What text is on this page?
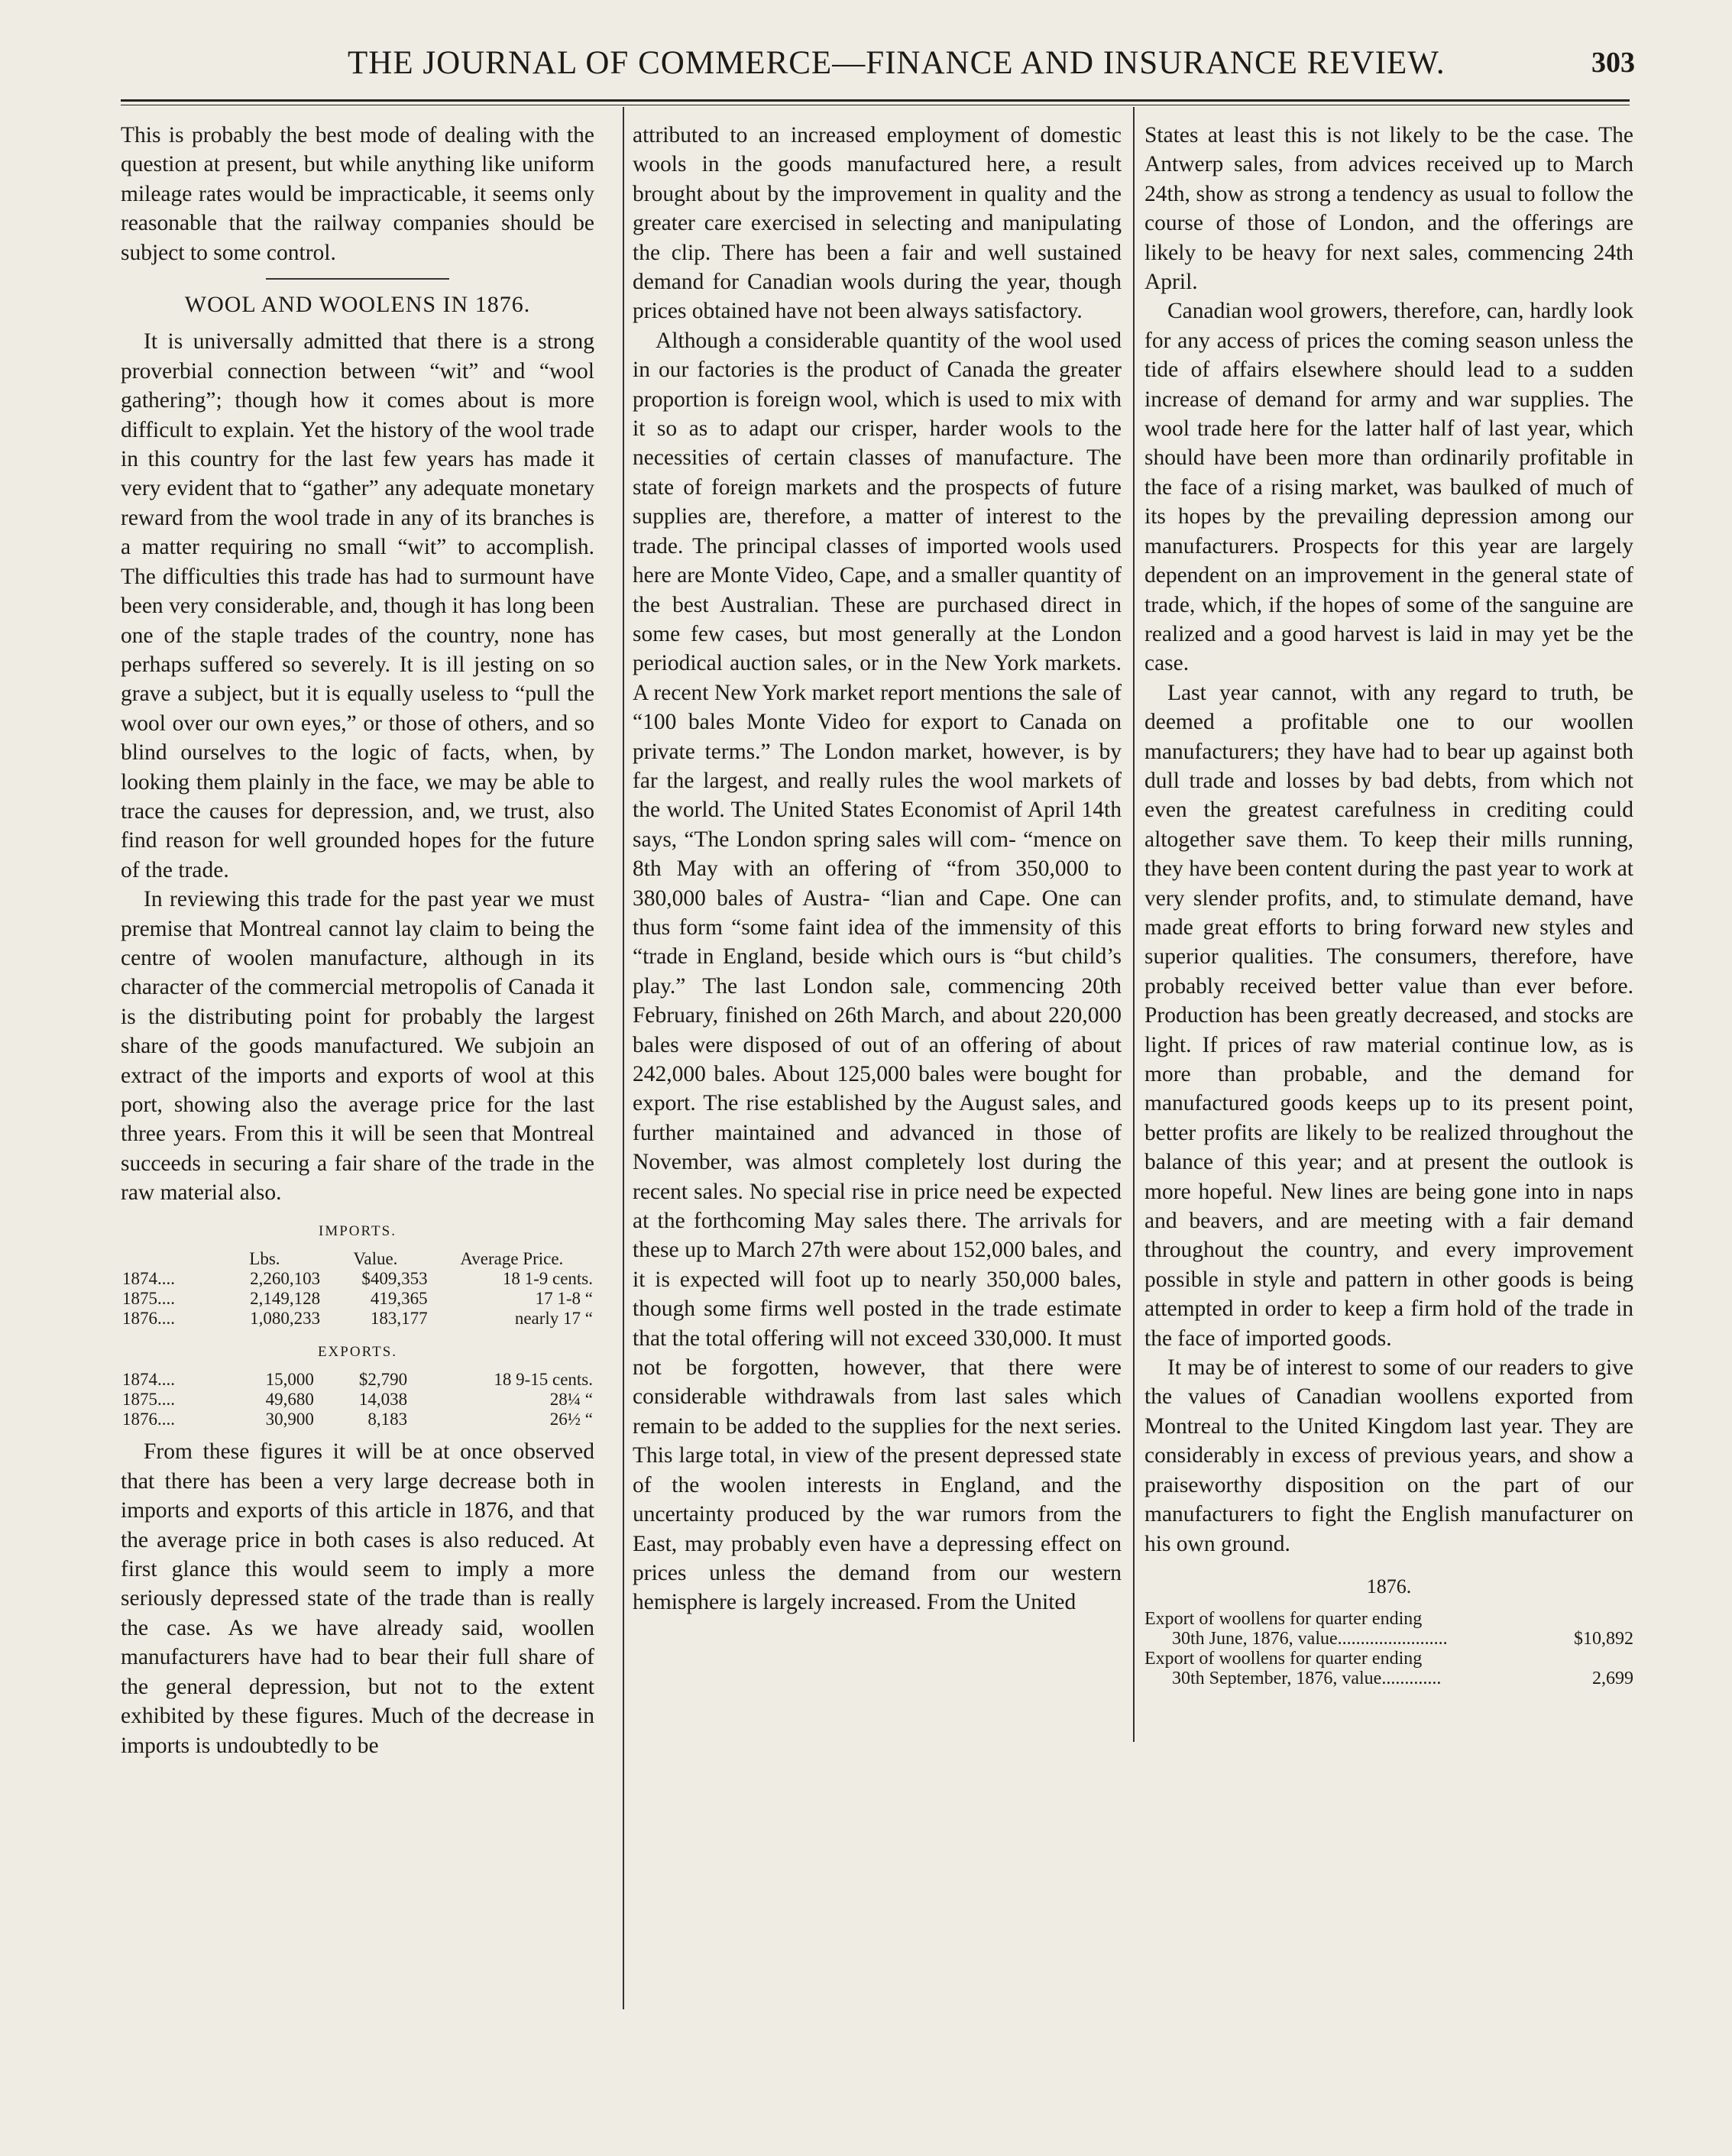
THE JOURNAL OF COMMERCE—FINANCE AND INSURANCE REVIEW.	303

This is probably the best mode of dealing with the question at present, but while anything like uniform mileage rates would be impracticable, it seems only reasonable that the railway companies should be subject to some control.

WOOL AND WOOLENS IN 1876.

It is universally admitted that there is a strong proverbial connection between “wit” and “wool gathering”; though how it comes about is more difficult to explain. Yet the history of the wool trade in this country for the last few years has made it very evident that to “gather” any adequate monetary reward from the wool trade in any of its branches is a matter requiring no small “wit” to accomplish. The difficulties this trade has had to surmount have been very considerable, and, though it has long been one of the staple trades of the country, none has perhaps suffered so severely. It is ill jesting on so grave a subject, but it is equally useless to “pull the wool over our own eyes,” or those of others, and so blind ourselves to the logic of facts, when, by looking them plainly in the face, we may be able to trace the causes for depression, and, we trust, also find reason for well grounded hopes for the future of the trade.

In reviewing this trade for the past year we must premise that Montreal cannot lay claim to being the centre of woolen manufacture, although in its character of the commercial metropolis of Canada it is the distributing point for probably the largest share of the goods manufactured. We subjoin an extract of the imports and exports of wool at this port, showing also the average price for the last three years. From this it will be seen that Montreal succeeds in securing a fair share of the trade in the raw material also.

IMPORTS.
	Lbs.	Value.	Average Price.
1874....	2,260,103	$409,353	18 1-9 cents.
1875....	2,149,128	419,365	17 1-8 “
1876....	1,080,233	183,177	nearly 17 “
EXPORTS.
1874....	15,000	$2,790	18 9-15 cents.
1875....	49,680	14,038	28¼ “
1876....	30,900	8,183	26½ “

From these figures it will be at once observed that there has been a very large decrease both in imports and exports of this article in 1876, and that the average price in both cases is also reduced. At first glance this would seem to imply a more seriously depressed state of the trade than is really the case. As we have already said, woollen manufacturers have had to bear their full share of the general depression, but not to the extent exhibited by these figures. Much of the decrease in imports is undoubtedly to be

attributed to an increased employment of domestic wools in the goods manufactured here, a result brought about by the improvement in quality and the greater care exercised in selecting and manipulating the clip. There has been a fair and well sustained demand for Canadian wools during the year, though prices obtained have not been always satisfactory.

Although a considerable quantity of the wool used in our factories is the product of Canada the greater proportion is foreign wool, which is used to mix with it so as to adapt our crisper, harder wools to the necessities of certain classes of manufacture. The state of foreign markets and the prospects of future supplies are, therefore, a matter of interest to the trade. The principal classes of imported wools used here are Monte Video, Cape, and a smaller quantity of the best Australian. These are purchased direct in some few cases, but most generally at the London periodical auction sales, or in the New York markets. A recent New York market report mentions the sale of “100 bales Monte Video for export to Canada on private terms.” The London market, however, is by far the largest, and really rules the wool markets of the world. The United States Economist of April 14th says, “The London spring sales will com- “mence on 8th May with an offering of “from 350,000 to 380,000 bales of Austra- “lian and Cape. One can thus form “some faint idea of the immensity of this “trade in England, beside which ours is “but child’s play.” The last London sale, commencing 20th February, finished on 26th March, and about 220,000 bales were disposed of out of an offering of about 242,000 bales. About 125,000 bales were bought for export. The rise established by the August sales, and further maintained and advanced in those of November, was almost completely lost during the recent sales. No special rise in price need be expected at the forthcoming May sales there. The arrivals for these up to March 27th were about 152,000 bales, and it is expected will foot up to nearly 350,000 bales, though some firms well posted in the trade estimate that the total offering will not exceed 330,000. It must not be forgotten, however, that there were considerable withdrawals from last sales which remain to be added to the supplies for the next series. This large total, in view of the present depressed state of the woolen interests in England, and the uncertainty produced by the war rumors from the East, may probably even have a depressing effect on prices unless the demand from our western hemisphere is largely increased. From the United

States at least this is not likely to be the case. The Antwerp sales, from advices received up to March 24th, show as strong a tendency as usual to follow the course of those of London, and the offerings are likely to be heavy for next sales, commencing 24th April.

Canadian wool growers, therefore, can, hardly look for any access of prices the coming season unless the tide of affairs elsewhere should lead to a sudden increase of demand for army and war supplies. The wool trade here for the latter half of last year, which should have been more than ordinarily profitable in the face of a rising market, was baulked of much of its hopes by the prevailing depression among our manufacturers. Prospects for this year are largely dependent on an improvement in the general state of trade, which, if the hopes of some of the sanguine are realized and a good harvest is laid in may yet be the case.

Last year cannot, with any regard to truth, be deemed a profitable one to our woollen manufacturers; they have had to bear up against both dull trade and losses by bad debts, from which not even the greatest carefulness in crediting could altogether save them. To keep their mills running, they have been content during the past year to work at very slender profits, and, to stimulate demand, have made great efforts to bring forward new styles and superior qualities. The consumers, therefore, have probably received better value than ever before. Production has been greatly decreased, and stocks are light. If prices of raw material continue low, as is more than probable, and the demand for manufactured goods keeps up to its present point, better profits are likely to be realized throughout the balance of this year; and at present the outlook is more hopeful. New lines are being gone into in naps and beavers, and are meeting with a fair demand throughout the country, and every improvement possible in style and pattern in other goods is being attempted in order to keep a firm hold of the trade in the face of imported goods.

It may be of interest to some of our readers to give the values of Canadian woollens exported from Montreal to the United Kingdom last year. They are considerably in excess of previous years, and show a praiseworthy disposition on the part of our manufacturers to fight the English manufacturer on his own ground.

1876.
Export of woollens for quarter ending
30th June, 1876, value........................	$10,892
Export of woollens for quarter ending
30th September, 1876, value.............	2,699
